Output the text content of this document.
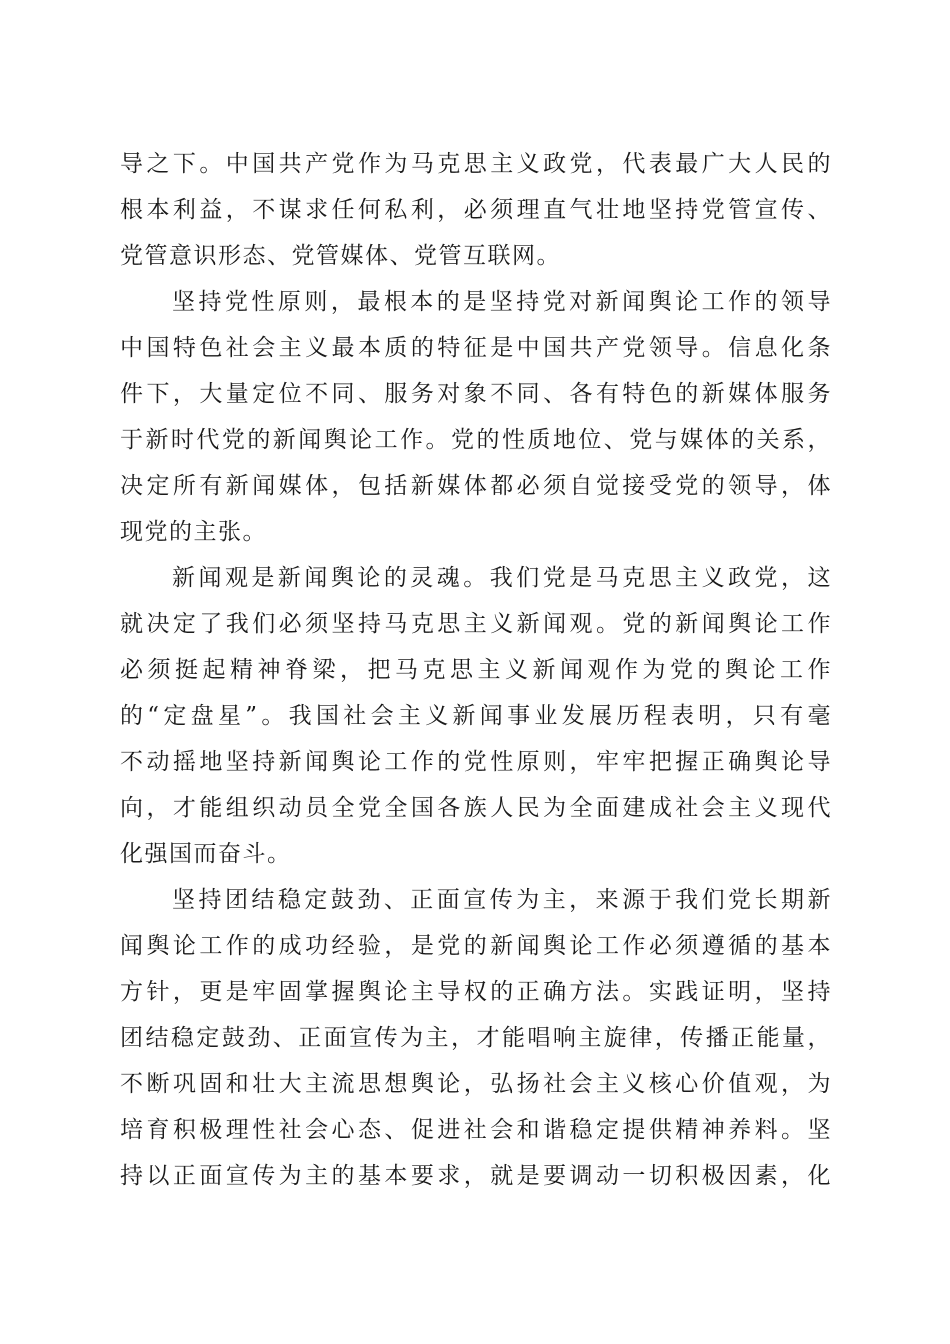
导之下。中国共产党作为马克思主义政党，代表最广大人民的
根本利益，不谋求任何私利，必须理直气壮地坚持党管宣传、
党管意识形态、党管媒体、党管互联网。
坚持党性原则，最根本的是坚持党对新闻舆论工作的领导
中国特色社会主义最本质的特征是中国共产党领导。信息化条
件下，大量定位不同、服务对象不同、各有特色的新媒体服务
于新时代党的新闻舆论工作。党的性质地位、党与媒体的关系，
决定所有新闻媒体，包括新媒体都必须自觉接受党的领导，体
现党的主张。
新闻观是新闻舆论的灵魂。我们党是马克思主义政党，这
就决定了我们必须坚持马克思主义新闻观。党的新闻舆论工作
必须挺起精神脊梁，把马克思主义新闻观作为党的舆论工作
的“定盘星”。我国社会主义新闻事业发展历程表明，只有毫
不动摇地坚持新闻舆论工作的党性原则，牢牢把握正确舆论导
向，才能组织动员全党全国各族人民为全面建成社会主义现代
化强国而奋斗。
坚持团结稳定鼓劲、正面宣传为主，来源于我们党长期新
闻舆论工作的成功经验，是党的新闻舆论工作必须遵循的基本
方针，更是牢固掌握舆论主导权的正确方法。实践证明，坚持
团结稳定鼓劲、正面宣传为主，才能唱响主旋律，传播正能量，
不断巩固和壮大主流思想舆论，弘扬社会主义核心价值观，为
培育积极理性社会心态、促进社会和谐稳定提供精神养料。坚
持以正面宣传为主的基本要求，就是要调动一切积极因素，化
